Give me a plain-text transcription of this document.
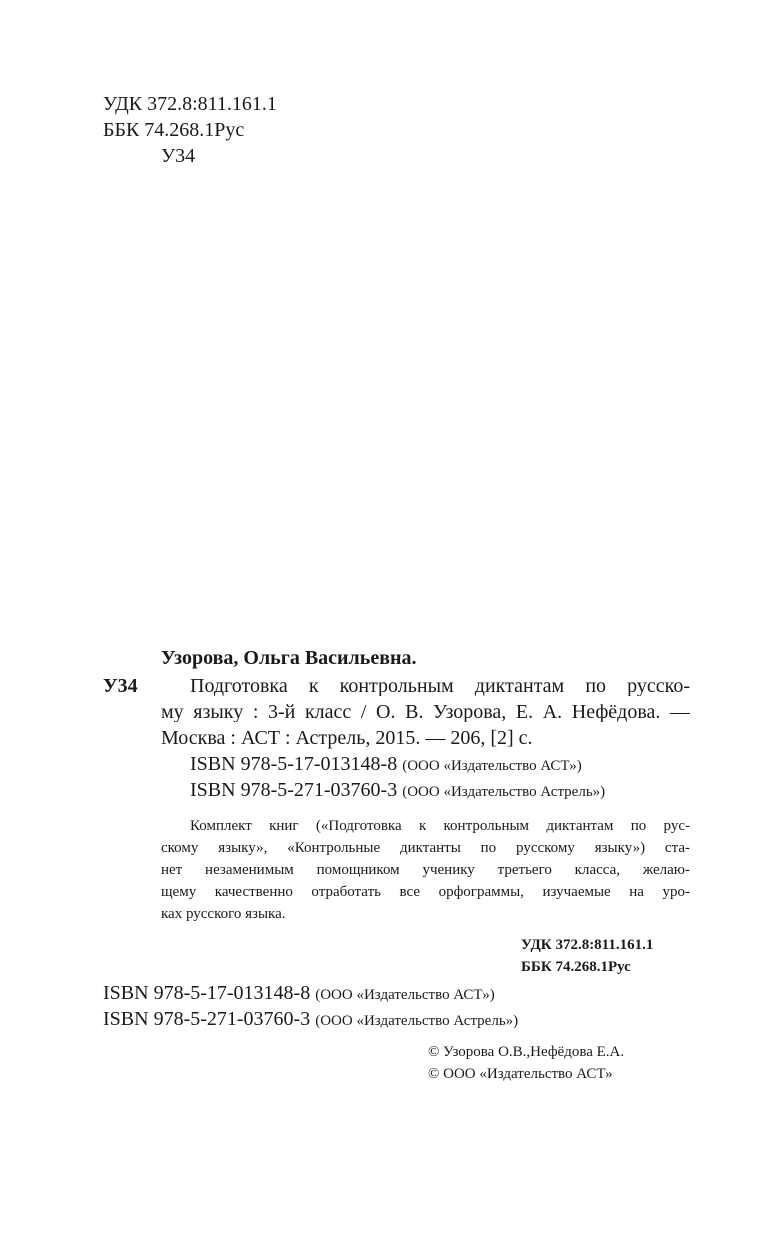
УДК 372.8:811.161.1
ББК 74.268.1Рус
У34
Узорова, Ольга Васильевна.
У34	Подготовка к контрольным диктантам по русско-
му языку : 3-й класс / О. В. Узорова, Е. А. Нефёдова. —
Москва : АСТ : Астрель, 2015. — 206, [2] с.
ISBN 978-5-17-013148-8 (ООО «Издательство АСТ»)
ISBN 978-5-271-03760-3 (ООО «Издательство Астрель»)
Комплект книг («Подготовка к контрольным диктантам по рус-
скому языку», «Контрольные диктанты по русскому языку») ста-
нет незаменимым помощником ученику третьего класса, желаю-
щему качественно отработать все орфограммы, изучаемые на уро-
ках русского языка.
УДК 372.8:811.161.1
ББК 74.268.1Рус
ISBN 978-5-17-013148-8 (ООО «Издательство АСТ»)
ISBN 978-5-271-03760-3 (ООО «Издательство Астрель»)
© Узорова О.В.,Нефёдова Е.А.
© ООО «Издательство АСТ»
